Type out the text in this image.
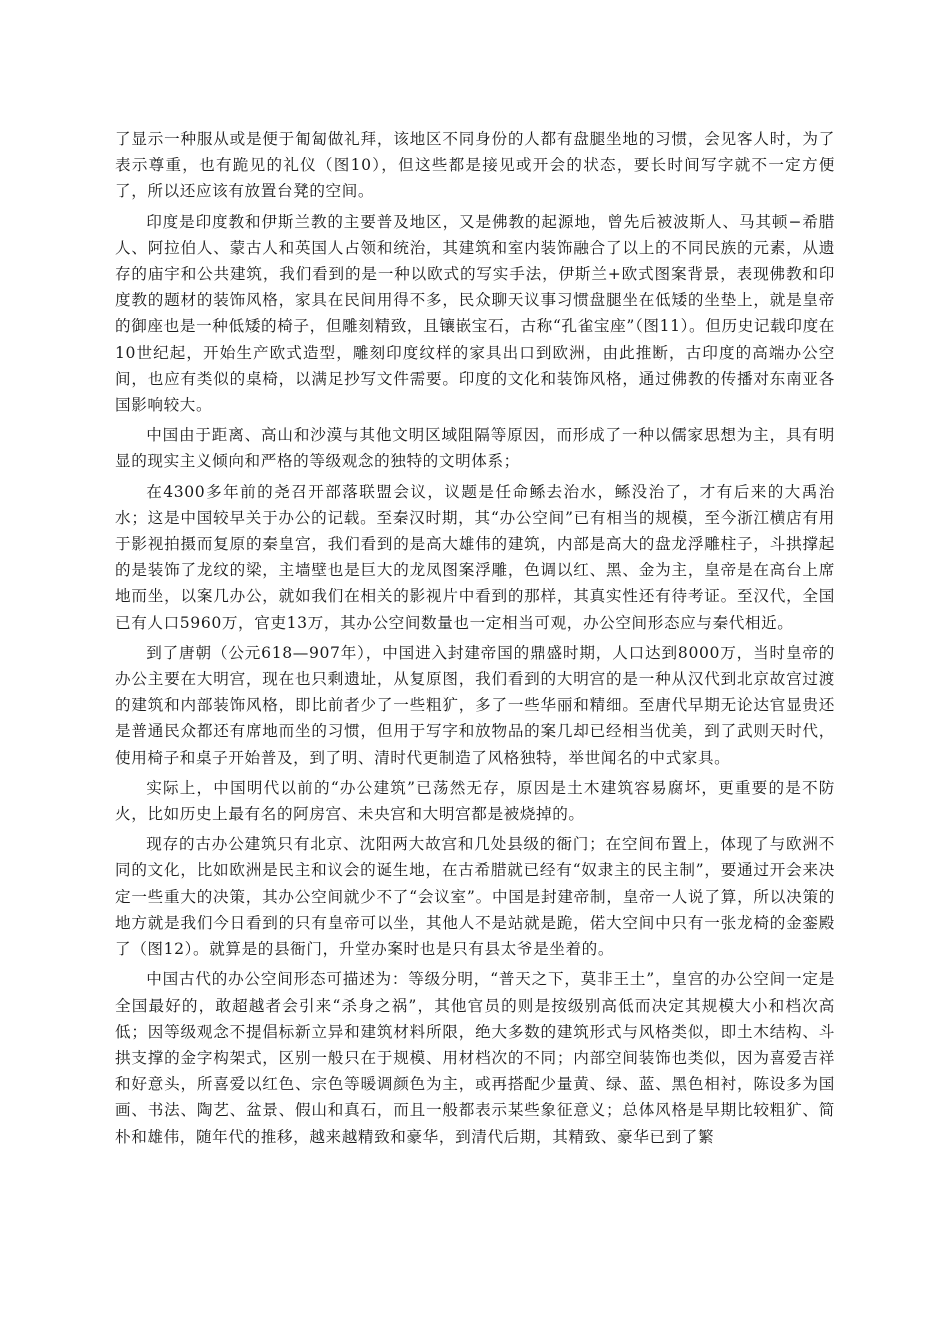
了显示一种服从或是便于匍匐做礼拜，该地区不同身份的人都有盘腿坐地的习惯，会见客人时，为了表示尊重，也有跪见的礼仪（图10），但这些都是接见或开会的状态，要长时间写字就不一定方便了，所以还应该有放置台凳的空间。

印度是印度教和伊斯兰教的主要普及地区，又是佛教的起源地，曾先后被波斯人、马其顿−希腊人、阿拉伯人、蒙古人和英国人占领和统治，其建筑和室内装饰融合了以上的不同民族的元素，从遗存的庙宇和公共建筑，我们看到的是一种以欧式的写实手法，伊斯兰+欧式图案背景，表现佛教和印度教的题材的装饰风格，家具在民间用得不多，民众聊天议事习惯盘腿坐在低矮的坐垫上，就是皇帝的御座也是一种低矮的椅子，但雕刻精致，且镶嵌宝石，古称“孔雀宝座”（图11）。但历史记载印度在10世纪起，开始生产欧式造型，雕刻印度纹样的家具出口到欧洲，由此推断，古印度的高端办公空间，也应有类似的桌椅，以满足抄写文件需要。印度的文化和装饰风格，通过佛教的传播对东南亚各国影响较大。

中国由于距离、高山和沙漠与其他文明区域阻隔等原因，而形成了一种以儒家思想为主，具有明显的现实主义倾向和严格的等级观念的独特的文明体系；

在4300多年前的尧召开部落联盟会议，议题是任命鲧去治水，鲧没治了，才有后来的大禹治水；这是中国较早关于办公的记载。至秦汉时期，其“办公空间”已有相当的规模，至今浙江横店有用于影视拍摄而复原的秦皇宫，我们看到的是高大雄伟的建筑，内部是高大的盘龙浮雕柱子，斗拱撑起的是装饰了龙纹的梁，主墙壁也是巨大的龙凤图案浮雕，色调以红、黑、金为主，皇帝是在高台上席地而坐，以案几办公，就如我们在相关的影视片中看到的那样，其真实性还有待考证。至汉代，全国已有人口5960万，官吏13万，其办公空间数量也一定相当可观，办公空间形态应与秦代相近。

到了唐朝（公元618—907年），中国进入封建帝国的鼎盛时期，人口达到8000万，当时皇帝的办公主要在大明宫，现在也只剩遗址，从复原图，我们看到的大明宫的是一种从汉代到北京故宫过渡的建筑和内部装饰风格，即比前者少了一些粗犷，多了一些华丽和精细。至唐代早期无论达官显贵还是普通民众都还有席地而坐的习惯，但用于写字和放物品的案几却已经相当优美，到了武则天时代，使用椅子和桌子开始普及，到了明、清时代更制造了风格独特，举世闻名的中式家具。

实际上，中国明代以前的“办公建筑”已荡然无存，原因是土木建筑容易腐坏，更重要的是不防火，比如历史上最有名的阿房宫、未央宫和大明宫都是被烧掉的。

现存的古办公建筑只有北京、沈阳两大故宫和几处县级的衙门；在空间布置上，体现了与欧洲不同的文化，比如欧洲是民主和议会的诞生地，在古希腊就已经有“奴隶主的民主制”，要通过开会来决定一些重大的决策，其办公空间就少不了“会议室”。中国是封建帝制，皇帝一人说了算，所以决策的地方就是我们今日看到的只有皇帝可以坐，其他人不是站就是跪，偌大空间中只有一张龙椅的金銮殿了（图12）。就算是的县衙门，升堂办案时也是只有县太爷是坐着的。

中国古代的办公空间形态可描述为：等级分明，“普天之下，莫非王土”，皇宫的办公空间一定是全国最好的，敢超越者会引来“杀身之祸”，其他官员的则是按级别高低而决定其规模大小和档次高低；因等级观念不提倡标新立异和建筑材料所限，绝大多数的建筑形式与风格类似，即土木结构、斗拱支撑的金字构架式，区别一般只在于规模、用材档次的不同；内部空间装饰也类似，因为喜爱吉祥和好意头，所喜爱以红色、宗色等暖调颜色为主，或再搭配少量黄、绿、蓝、黑色相衬，陈设多为国画、书法、陶艺、盆景、假山和真石，而且一般都表示某些象征意义；总体风格是早期比较粗犷、简朴和雄伟，随年代的推移，越来越精致和豪华，到清代后期，其精致、豪华已到了繁
